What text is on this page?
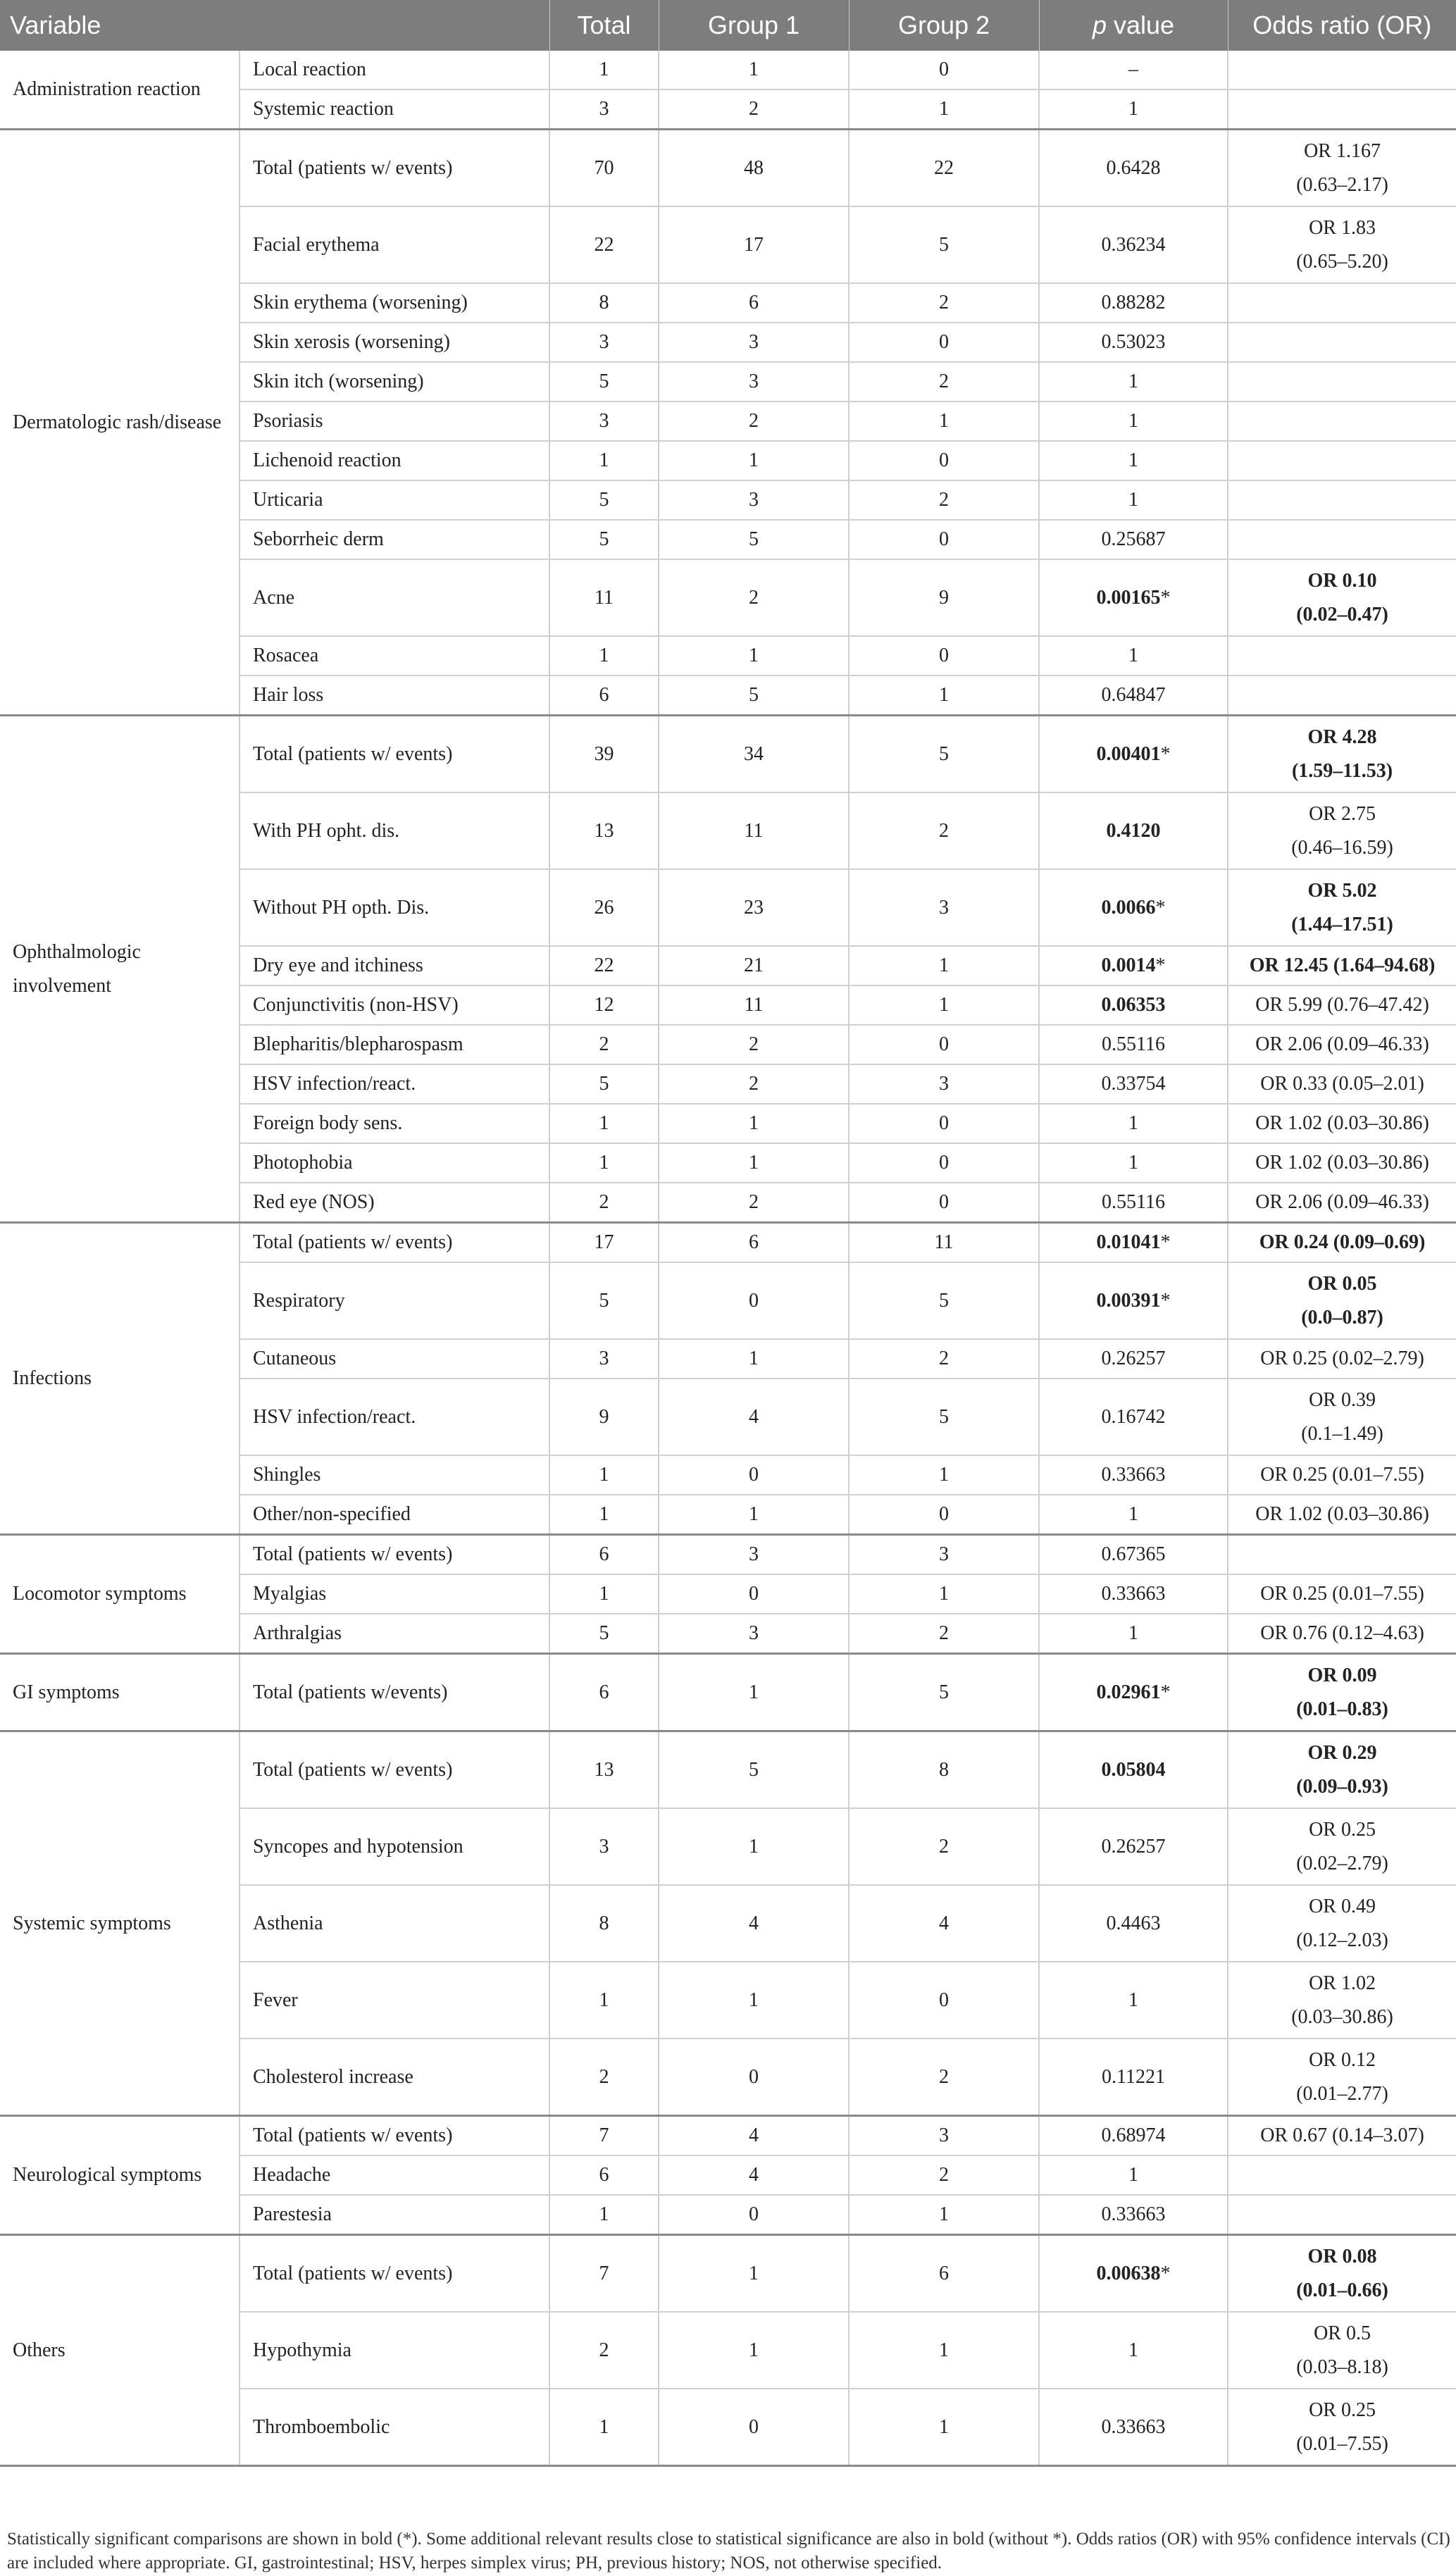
Variable		Total	Group 1	Group 2	p value	Odds ratio (OR)
Administration reaction	Local reaction	1	1	0	–	
	Systemic reaction	3	2	1	1	
Dermatologic rash/disease	Total (patients w/ events)	70	48	22	0.6428	OR 1.167
(0.63–2.17)

	Facial erythema	22	17	5	0.36234	OR 1.83
(0.65–5.20)

	Skin erythema (worsening)	8	6	2	0.88282	
	Skin xerosis (worsening)	3	3	0	0.53023	
	Skin itch (worsening)	5	3	2	1	
	Psoriasis	3	2	1	1	
	Lichenoid reaction	1	1	0	1	
	Urticaria	5	3	2	1	
	Seborrheic derm	5	5	0	0.25687	
	Acne	11	2	9	0.00165*	OR 0.10
(0.02–0.47)

	Rosacea	1	1	0	1	
	Hair loss	6	5	1	0.64847	
Ophthalmologic involvement	Total (patients w/ events)	39	34	5	0.00401*	OR 4.28
(1.59–11.53)

	With PH opht. dis.	13	11	2	0.4120	OR 2.75
(0.46–16.59)

	Without PH opth. Dis.	26	23	3	0.0066*	OR 5.02
(1.44–17.51)

	Dry eye and itchiness	22	21	1	0.0014*	OR 12.45 (1.64–94.68)

	Conjunctivitis (non-HSV)	12	11	1	0.06353	OR 5.99 (0.76–47.42)

	Blepharitis/blepharospasm	2	2	0	0.55116	OR 2.06 (0.09–46.33)

	HSV infection/react.	5	2	3	0.33754	OR 0.33 (0.05–2.01)

	Foreign body sens.	1	1	0	1	OR 1.02 (0.03–30.86)

	Photophobia	1	1	0	1	OR 1.02 (0.03–30.86)

	Red eye (NOS)	2	2	0	0.55116	OR 2.06 (0.09–46.33)

Infections	Total (patients w/ events)	17	6	11	0.01041*	OR 0.24 (0.09–0.69)

	Respiratory	5	0	5	0.00391*	OR 0.05
(0.0–0.87)

	Cutaneous	3	1	2	0.26257	OR 0.25 (0.02–2.79)

	HSV infection/react.	9	4	5	0.16742	OR 0.39
(0.1–1.49)

	Shingles	1	0	1	0.33663	OR 0.25 (0.01–7.55)

	Other/non-specified	1	1	0	1	OR 1.02 (0.03–30.86)

Locomotor symptoms	Total (patients w/ events)	6	3	3	0.67365	
	Myalgias	1	0	1	0.33663	OR 0.25 (0.01–7.55)

	Arthralgias	5	3	2	1	OR 0.76 (0.12–4.63)

GI symptoms	Total (patients w/events)	6	1	5	0.02961*	OR 0.09
(0.01–0.83)

Systemic symptoms	Total (patients w/ events)	13	5	8	0.05804	OR 0.29
(0.09–0.93)

	Syncopes and hypotension	3	1	2	0.26257	OR 0.25
(0.02–2.79)

	Asthenia	8	4	4	0.4463	OR 0.49
(0.12–2.03)

	Fever	1	1	0	1	OR 1.02
(0.03–30.86)

	Cholesterol increase	2	0	2	0.11221	OR 0.12
(0.01–2.77)

Neurological symptoms	Total (patients w/ events)	7	4	3	0.68974	OR 0.67 (0.14–3.07)

	Headache	6	4	2	1	
	Parestesia	1	0	1	0.33663	
Others	Total (patients w/ events)	7	1	6	0.00638*	OR 0.08
(0.01–0.66)

	Hypothymia	2	1	1	1	OR 0.5
(0.03–8.18)

	Thromboembolic	1	0	1	0.33663	OR 0.25
(0.01–7.55)
Statistically significant comparisons are shown in bold (*). Some additional relevant results close to statistical significance are also in bold (without *). Odds ratios (OR) with 95% confidence intervals (CI) are included where appropriate. GI, gastrointestinal; HSV, herpes simplex virus; PH, previous history; NOS, not otherwise specified.
